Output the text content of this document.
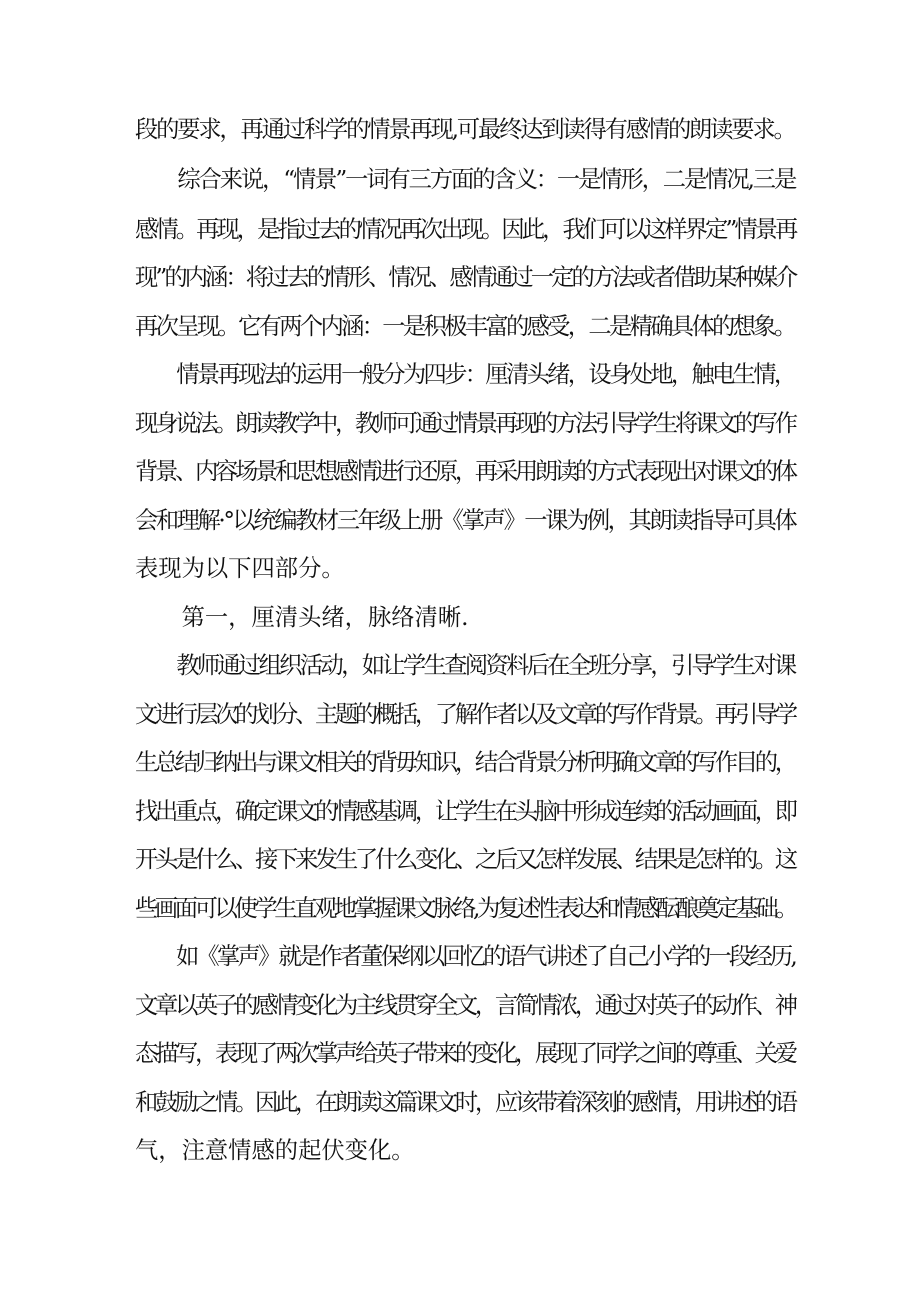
段的要求，再通过科学的情景再现,可最终达到读得有感情的朗读要求。

　　综合来说，“情景”一词有三方面的含义：一是情形，二是情况,三是

感情。再现，是指过去的情况再次出现。因此，我们可以这样界定”情景再

现”的内涵：将过去的情形、情况、感情通过一定的方法或者借助某种媒介

再次呈现。它有两个内涵：一是积极丰富的感受，二是精确具体的想象。

　　情景再现法的运用一般分为四步：厘清头绪，设身处地，触电生情，

现身说法。朗读教学中，教师可通过情景再现的方法引导学生将课文的写作

背景、内容场景和思想感情进行还原，再采用朗读的方式表现出对课文的体

会和理解·°以统编教材三年级上册《掌声》一课为例，其朗读指导可具体

表现为以下四部分。

　　第一，厘清头绪，脉络清晰.

　　教师通过组织活动，如让学生查阅资料后在全班分享，引导学生对课

文进行层次的划分、主题的概括，了解作者以及文章的写作背景。再引导学

生总结归纳出与课文相关的背毋知识，结合背景分析明确文章的写作目的，

找出重点，确定课文的情感基调，让学生在头脑中形成连续的活动画面，即

开头是什么、接下来发生了什么变化、之后又怎样发展、结果是怎样的。这

些画面可以使学生直观地掌握课文脉络,为复述性表达和情感酝酿奠定基础。

　　如《掌声》就是作者董保纲以回忆的语气讲述了自己小学的一段经历,

文章以英子的感情变化为主线贯穿全文，言简情浓，通过对英子的动作、神

态描写，表现了两次掌声给英子带来的变化，展现了同学之间的尊重、关爱

和鼓励之情。因此，在朗读这篇课文时，应该带着深刻的感情，用讲述的语

气，注意情感的起伏变化。
